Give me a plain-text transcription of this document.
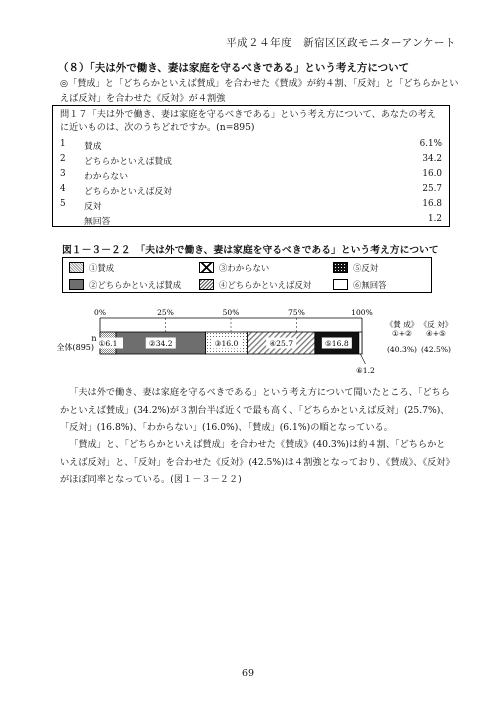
平成２４年度　新宿区区政モニターアンケート
（８）「夫は外で働き、妻は家庭を守るべきである」という考え方について
◎「賛成」と「どちらかといえば賛成」を合わせた《賛成》が約４割、「反対」と「どちらかといえば反対」を合わせた《反対》が４割強
問１７「夫は外で働き、妻は家庭を守るべきである」という考え方について、あなたの考えに近いものは、次のうちどれですか。(n=895)
1	賛成	6.1%
2	どちらかといえば賛成	34.2
3	わからない	16.0
4	どちらかといえば反対	25.7
5	反対	16.8
無回答	1.2
図１－３－２２　「夫は外で働き、妻は家庭を守るべきである」という考え方について
①賛成	③わからない	⑤反対
②どちらかといえば賛成	④どちらかといえば反対	⑥無回答
0%	25%	50%	75%	100%
①6.1	②34.2	③16.0	④25.7	⑤16.8
⑥1.2
n
全体(895)
《賛 成》 《反 対》
①+② ④+⑤
(40.3%) (42.5%)
「夫は外で働き、妻は家庭を守るべきである」という考え方について聞いたところ、「どちらかといえば賛成」(34.2%)が３割台半ば近くで最も高く、「どちらかといえば反対」(25.7%)、「反対」(16.8%)、「わからない」(16.0%)、「賛成」(6.1%)の順となっている。
「賛成」と、「どちらかといえば賛成」を合わせた《賛成》(40.3%)は約４割、「どちらかといえば反対」と、「反対」を合わせた《反対》(42.5%)は４割強となっており、《賛成》、《反対》がほぼ同率となっている。(図１－３－２２)
69
